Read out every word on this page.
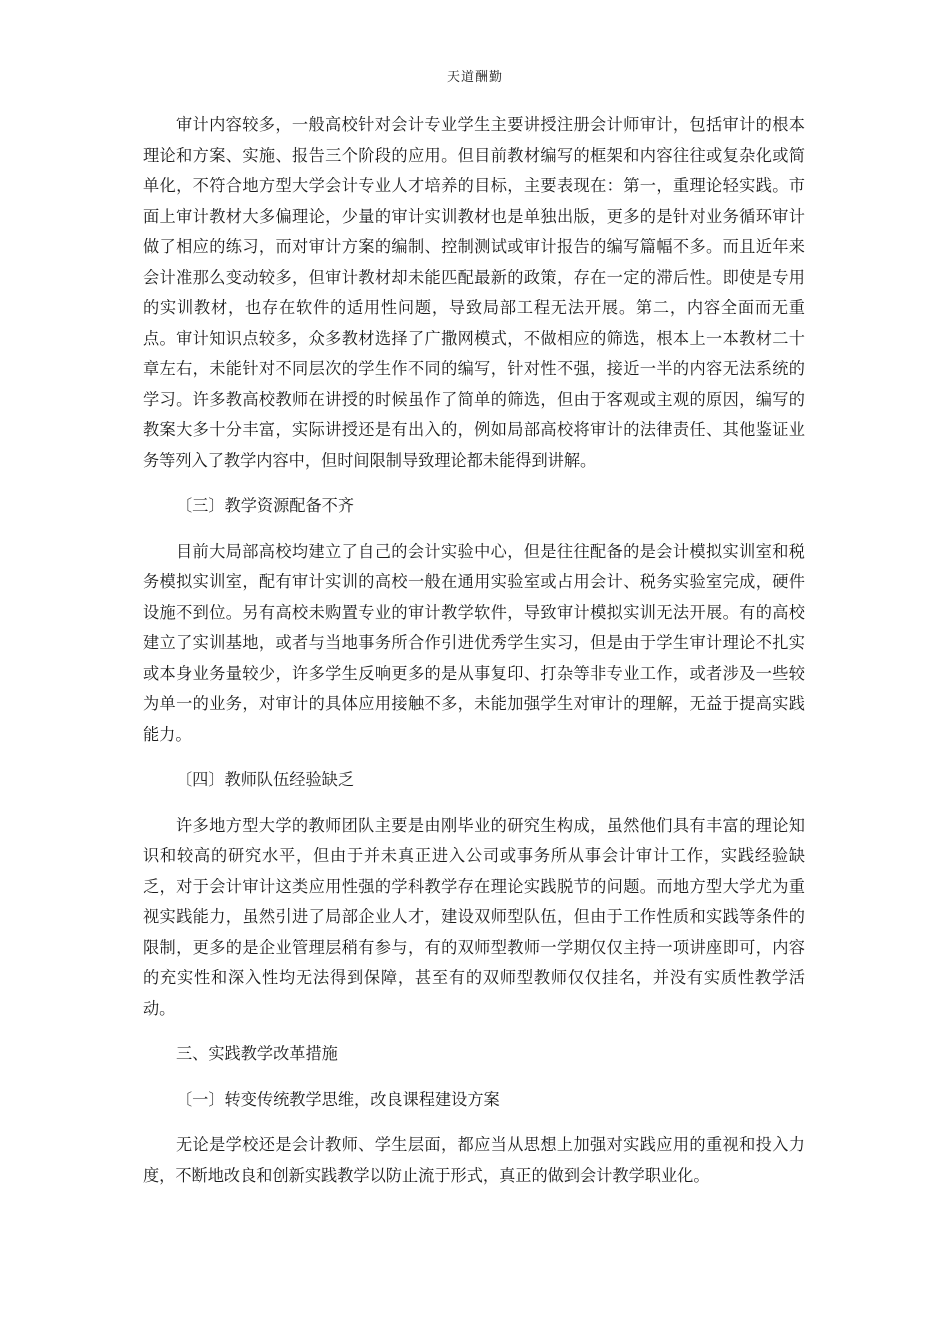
天道酬勤

审计内容较多，一般高校针对会计专业学生主要讲授注册会计师审计，包括审计的根本理论和方案、实施、报告三个阶段的应用。但目前教材编写的框架和内容往往或复杂化或简单化，不符合地方型大学会计专业人才培养的目标，主要表现在：第一，重理论轻实践。市面上审计教材大多偏理论，少量的审计实训教材也是单独出版，更多的是针对业务循环审计做了相应的练习，而对审计方案的编制、控制测试或审计报告的编写篇幅不多。而且近年来会计准那么变动较多，但审计教材却未能匹配最新的政策，存在一定的滞后性。即使是专用的实训教材，也存在软件的适用性问题，导致局部工程无法开展。第二，内容全面而无重点。审计知识点较多，众多教材选择了广撒网模式，不做相应的筛选，根本上一本教材二十章左右，未能针对不同层次的学生作不同的编写，针对性不强，接近一半的内容无法系统的学习。许多教高校教师在讲授的时候虽作了简单的筛选，但由于客观或主观的原因，编写的教案大多十分丰富，实际讲授还是有出入的，例如局部高校将审计的法律责任、其他鉴证业务等列入了教学内容中，但时间限制导致理论都未能得到讲解。

〔三〕教学资源配备不齐

目前大局部高校均建立了自己的会计实验中心，但是往往配备的是会计模拟实训室和税务模拟实训室，配有审计实训的高校一般在通用实验室或占用会计、税务实验室完成，硬件设施不到位。另有高校未购置专业的审计教学软件，导致审计模拟实训无法开展。有的高校建立了实训基地，或者与当地事务所合作引进优秀学生实习，但是由于学生审计理论不扎实或本身业务量较少，许多学生反响更多的是从事复印、打杂等非专业工作，或者涉及一些较为单一的业务，对审计的具体应用接触不多，未能加强学生对审计的理解，无益于提高实践能力。

〔四〕教师队伍经验缺乏

许多地方型大学的教师团队主要是由刚毕业的研究生构成，虽然他们具有丰富的理论知识和较高的研究水平，但由于并未真正进入公司或事务所从事会计审计工作，实践经验缺乏，对于会计审计这类应用性强的学科教学存在理论实践脱节的问题。而地方型大学尤为重视实践能力，虽然引进了局部企业人才，建设双师型队伍，但由于工作性质和实践等条件的限制，更多的是企业管理层稍有参与，有的双师型教师一学期仅仅主持一项讲座即可，内容的充实性和深入性均无法得到保障，甚至有的双师型教师仅仅挂名，并没有实质性教学活动。

三、实践教学改革措施

〔一〕转变传统教学思维，改良课程建设方案

无论是学校还是会计教师、学生层面，都应当从思想上加强对实践应用的重视和投入力度，不断地改良和创新实践教学以防止流于形式，真正的做到会计教学职业化。
